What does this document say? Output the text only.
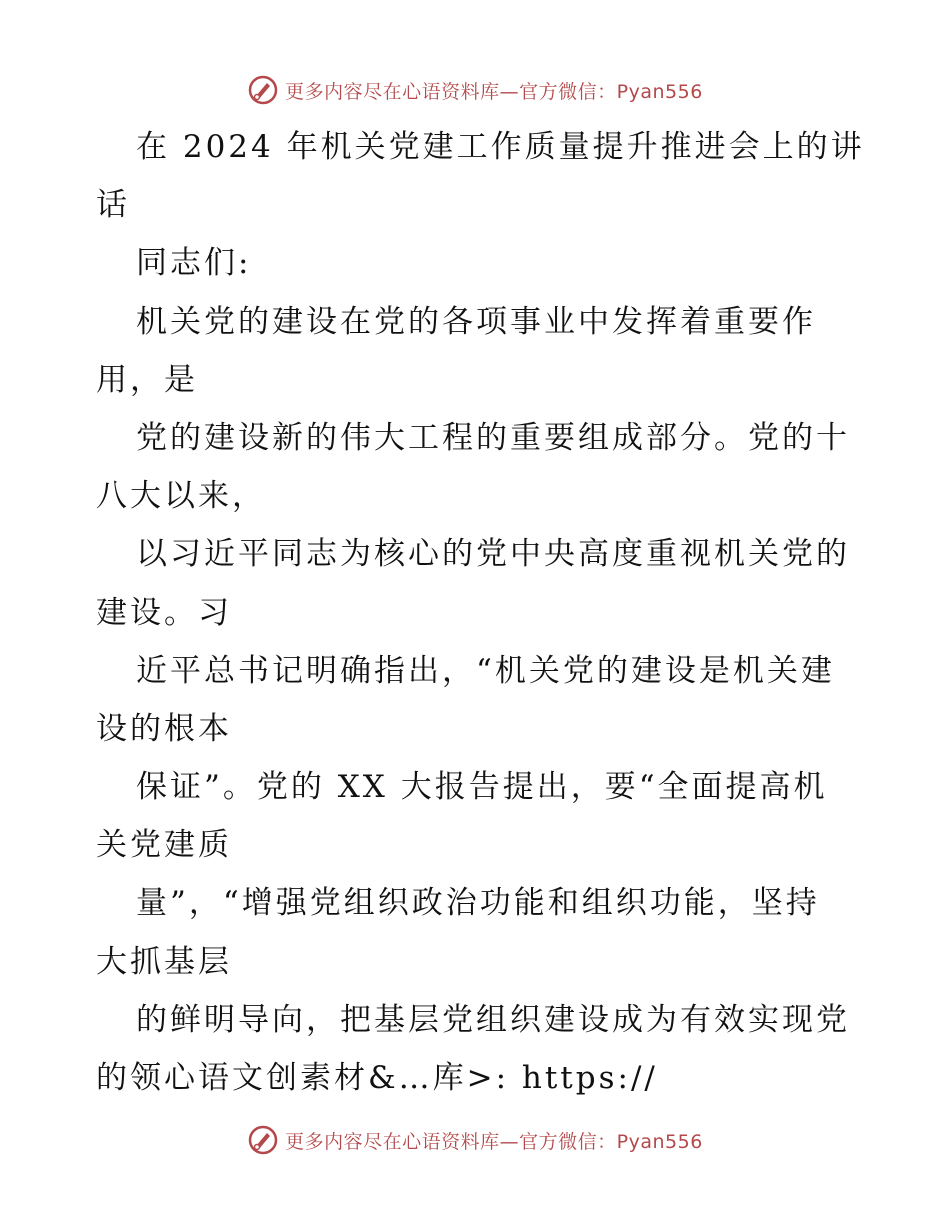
更多内容尽在心语资料库—官方微信：Pyan556
在 2024 年机关党建工作质量提升推进会上的讲
话
同志们:
机关党的建设在党的各项事业中发挥着重要作
用，是
党的建设新的伟大工程的重要组成部分。党的十
八大以来，
以习近平同志为核心的党中央高度重视机关党的
建设。习
近平总书记明确指出，“机关党的建设是机关建
设的根本
保证”。党的 XX 大报告提出，要“全面提高机
关党建质
量”，“增强党组织政治功能和组织功能，坚持
大抓基层
的鲜明导向，把基层党组织建设成为有效实现党
的领心语文创素材&…库>: https://
更多内容尽在心语资料库—官方微信：Pyan556
